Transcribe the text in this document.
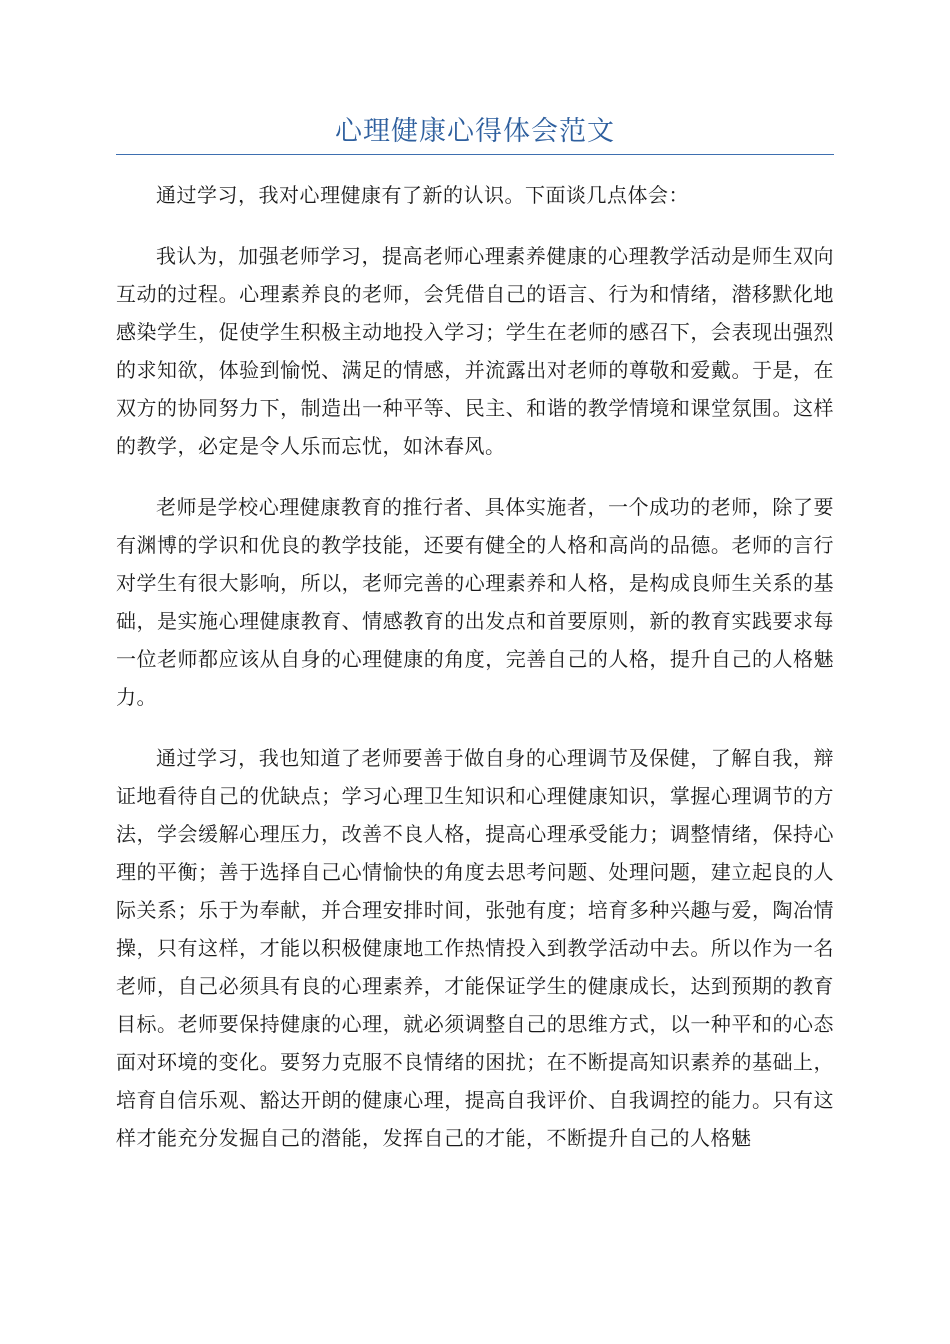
心理健康心得体会范文

通过学习，我对心理健康有了新的认识。下面谈几点体会：

我认为，加强老师学习，提高老师心理素养健康的心理教学活动是师生双向互动的过程。心理素养良的老师，会凭借自己的语言、行为和情绪，潜移默化地感染学生，促使学生积极主动地投入学习；学生在老师的感召下，会表现出强烈的求知欲，体验到愉悦、满足的情感，并流露出对老师的尊敬和爱戴。于是，在双方的协同努力下，制造出一种平等、民主、和谐的教学情境和课堂氛围。这样的教学，必定是令人乐而忘忧，如沐春风。

老师是学校心理健康教育的推行者、具体实施者，一个成功的老师，除了要有渊博的学识和优良的教学技能，还要有健全的人格和高尚的品德。老师的言行对学生有很大影响，所以，老师完善的心理素养和人格，是构成良师生关系的基础，是实施心理健康教育、情感教育的出发点和首要原则，新的教育实践要求每一位老师都应该从自身的心理健康的角度，完善自己的人格，提升自己的人格魅力。

通过学习，我也知道了老师要善于做自身的心理调节及保健，了解自我，辩证地看待自己的优缺点；学习心理卫生知识和心理健康知识，掌握心理调节的方法，学会缓解心理压力，改善不良人格，提高心理承受能力；调整情绪，保持心理的平衡；善于选择自己心情愉快的角度去思考问题、处理问题，建立起良的人际关系；乐于为奉献，并合理安排时间，张弛有度；培育多种兴趣与爱，陶冶情操，只有这样，才能以积极健康地工作热情投入到教学活动中去。所以作为一名老师，自己必须具有良的心理素养，才能保证学生的健康成长，达到预期的教育目标。老师要保持健康的心理，就必须调整自己的思维方式，以一种平和的心态面对环境的变化。要努力克服不良情绪的困扰；在不断提高知识素养的基础上，培育自信乐观、豁达开朗的健康心理，提高自我评价、自我调控的能力。只有这样才能充分发掘自己的潜能，发挥自己的才能，不断提升自己的人格魅
